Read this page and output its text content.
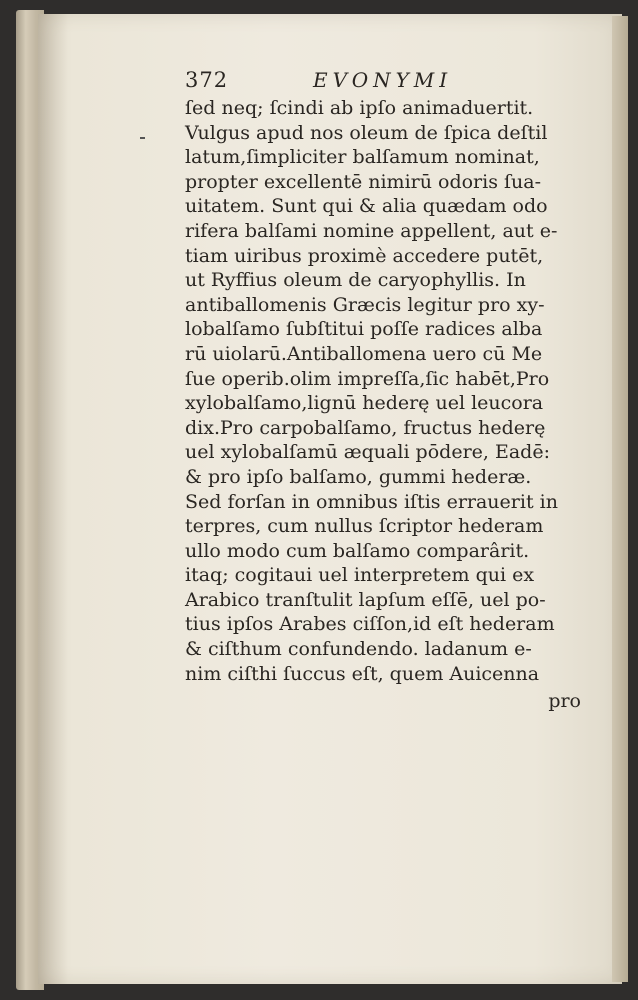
372	EVONYMI
ſed neq; ſcindi ab ipſo animaduertit.
Vulgus apud nos oleum de ſpica deſtil
latum,ſimpliciter balſamum nominat,
propter excellentē nimirū odoris ſua-
uitatem. Sunt qui & alia quædam odo
rifera balſami nomine appellent, aut e-
tiam uiribus proximè accedere putēt,
ut Ryffius oleum de caryophyllis. In
antiballomenis Græcis legitur pro xy-
lobalſamo ſubſtitui poſſe radices alba
rū uiolarū.Antiballomena uero cū Me
ſue operib.olim impreſſa,ſic habēt,Pro
xylobalſamo,lignū hederę uel leucora
dix.Pro carpobalſamo, fructus hederę
uel xylobalſamū æquali pōdere, Eadē:
& pro ipſo balſamo, gummi hederæ.
Sed forſan in omnibus iſtis errauerit in
terpres, cum nullus ſcriptor hederam
ullo modo cum balſamo comparârit.
itaq; cogitaui uel interpretem qui ex
Arabico tranſtulit lapſum eſſē, uel po-
tius ipſos Arabes ciſſon,id eſt hederam
& ciſthum confundendo. ladanum e-
nim ciſthi ſuccus eſt, quem Auicenna
pro
